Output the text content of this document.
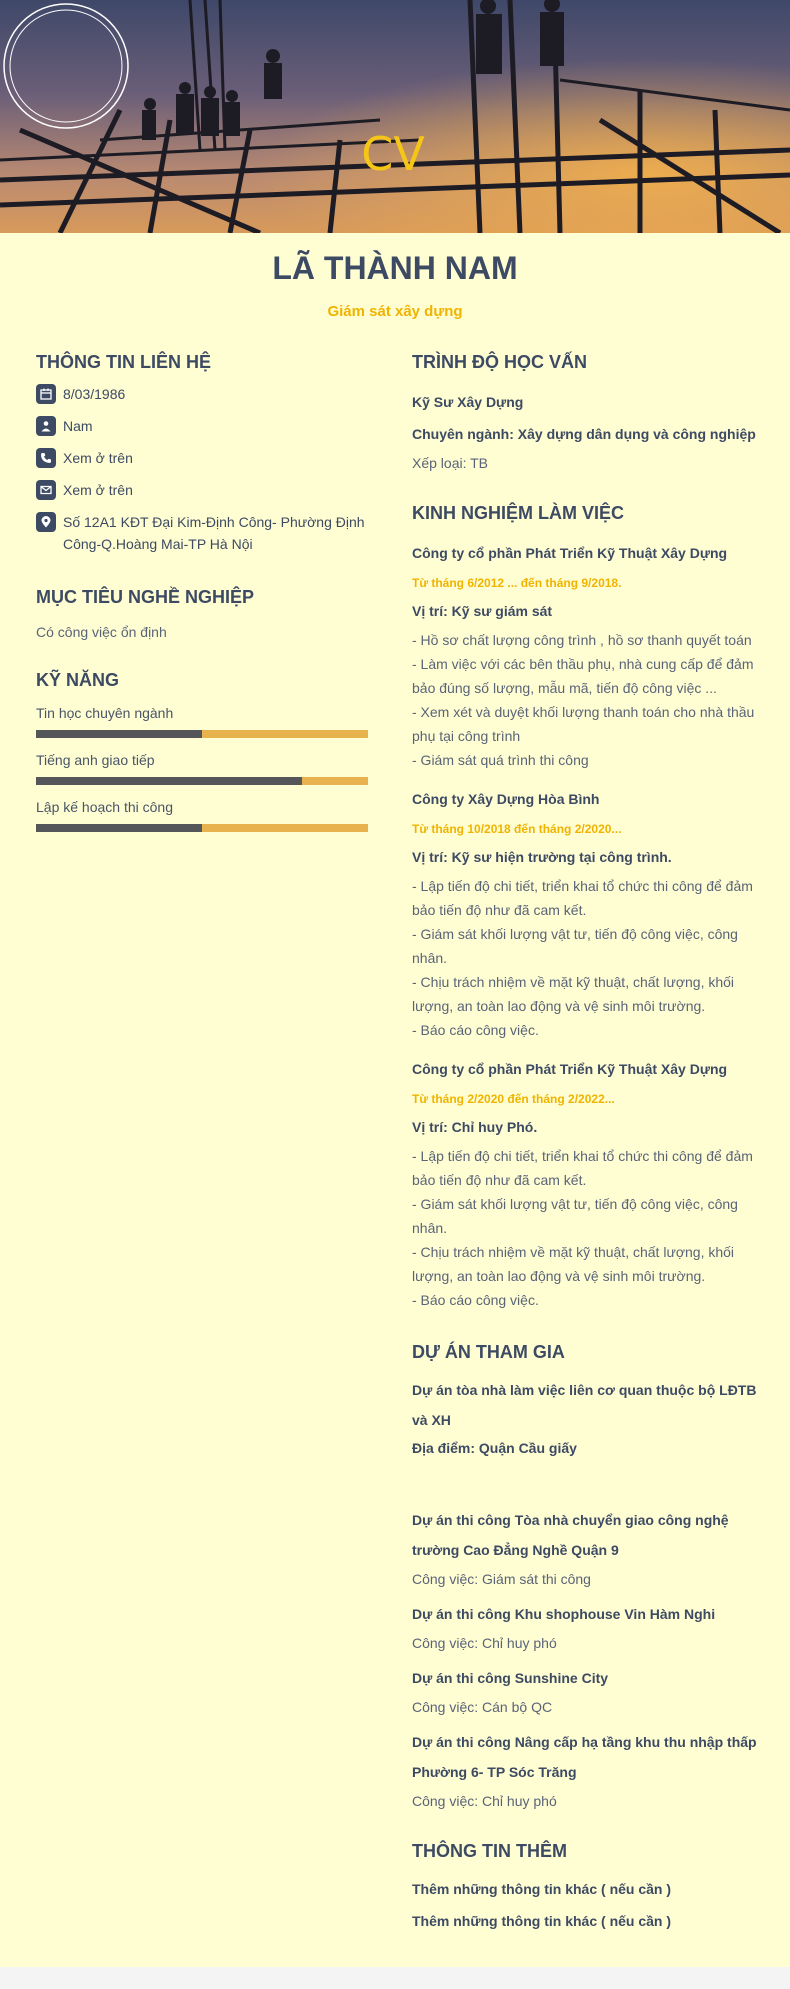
CV
LÃ THÀNH NAM
Giám sát xây dựng
THÔNG TIN LIÊN HỆ
8/03/1986
Nam
Xem ở trên
Xem ở trên
Số 12A1 KĐT Đại Kim-Định Công- Phường Định Công-Q.Hoàng Mai-TP Hà Nội
MỤC TIÊU NGHỀ NGHIỆP
Có công việc ổn định
KỸ NĂNG
Tin học chuyên ngành
Tiếng anh giao tiếp
Lập kế hoạch thi công
TRÌNH ĐỘ HỌC VẤN
Kỹ Sư Xây Dựng
Chuyên ngành: Xây dựng dân dụng và công nghiệp
Xếp loại: TB
KINH NGHIỆM LÀM VIỆC
Công ty cổ phần Phát Triển Kỹ Thuật Xây Dựng
Từ tháng 6/2012 ... đến tháng 9/2018.
Vị trí: Kỹ sư giám sát
- Hồ sơ chất lượng công trình , hồ sơ thanh quyết toán
- Làm việc với các bên thầu phụ, nhà cung cấp để đảm bảo đúng số lượng, mẫu mã, tiến độ công việc ...
- Xem xét và duyệt khối lượng thanh toán cho nhà thầu phụ tại công trình
- Giám sát quá trình thi công
Công ty Xây Dựng Hòa Bình
Từ tháng 10/2018 đến tháng 2/2020...
Vị trí: Kỹ sư hiện trường tại công trình.
- Lập tiến độ chi tiết, triển khai tổ chức thi công để đảm bảo tiến độ như đã cam kết.
- Giám sát khối lượng vật tư, tiến độ công việc, công nhân.
- Chịu trách nhiệm về mặt kỹ thuật, chất lượng, khối lượng, an toàn lao động và vệ sinh môi trường.
- Báo cáo công việc.
Công ty cổ phần Phát Triển Kỹ Thuật Xây Dựng
Từ tháng 2/2020 đến tháng 2/2022...
Vị trí: Chỉ huy Phó.
- Lập tiến độ chi tiết, triển khai tổ chức thi công để đảm bảo tiến độ như đã cam kết.
- Giám sát khối lượng vật tư, tiến độ công việc, công nhân.
- Chịu trách nhiệm về mặt kỹ thuật, chất lượng, khối lượng, an toàn lao động và vệ sinh môi trường.
- Báo cáo công việc.
DỰ ÁN THAM GIA
Dự án tòa nhà làm việc liên cơ quan thuộc bộ LĐTB và XH
Địa điểm: Quận Cầu giấy
Dự án thi công Tòa nhà chuyển giao công nghệ trường Cao Đẳng Nghề Quận 9
Công việc: Giám sát thi công
Dự án thi công Khu shophouse Vin Hàm Nghi
Công việc: Chỉ huy phó
Dự án thi công Sunshine City
Công việc: Cán bộ QC
Dự án thi công Nâng cấp hạ tầng khu thu nhập thấp Phường 6- TP Sóc Trăng
Công việc: Chỉ huy phó
THÔNG TIN THÊM
Thêm những thông tin khác ( nếu cần )
Thêm những thông tin khác ( nếu cần )
